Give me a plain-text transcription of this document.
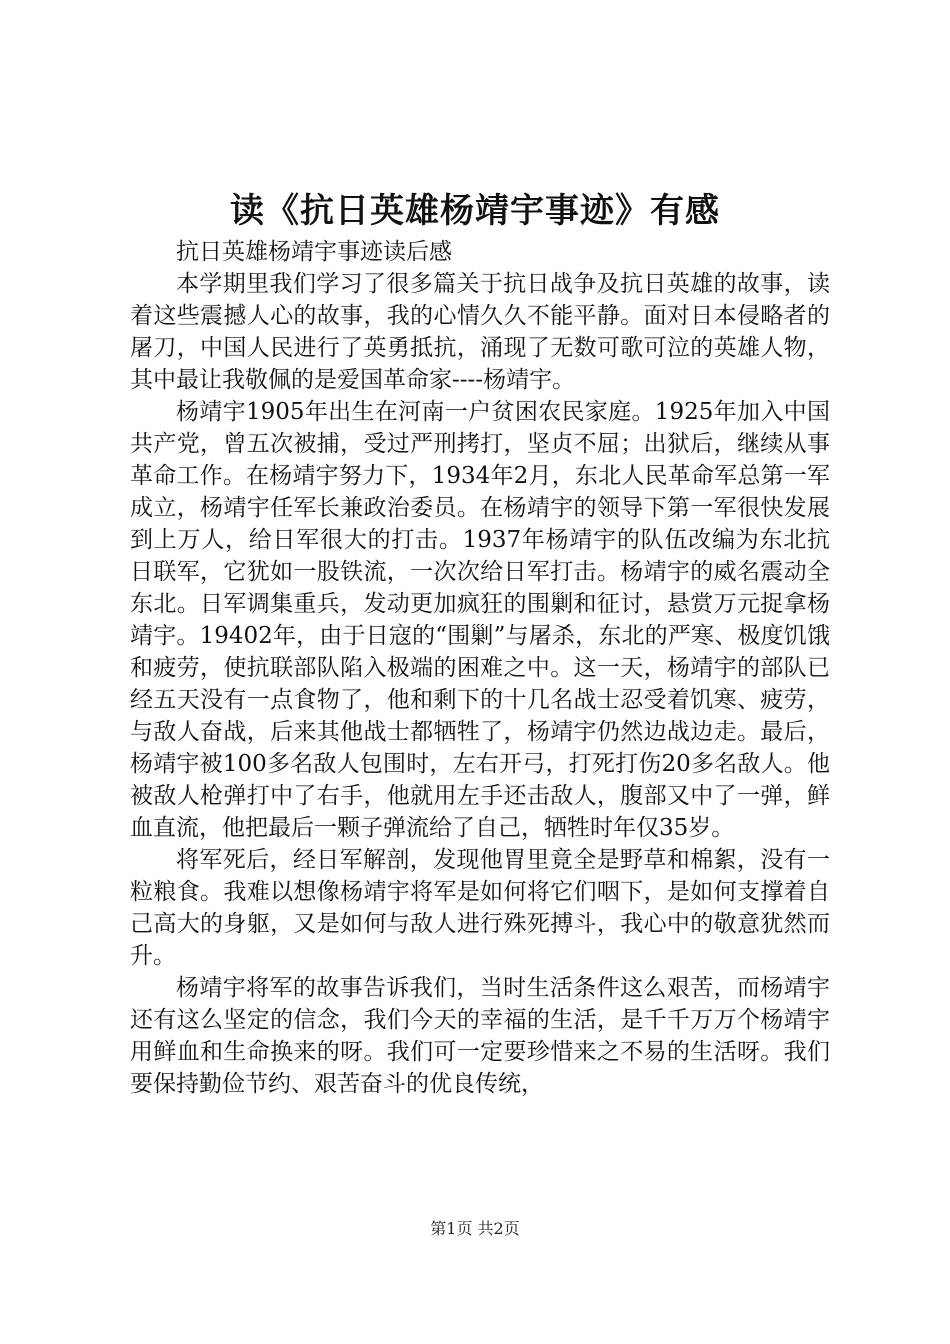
读《抗日英雄杨靖宇事迹》有感

抗日英雄杨靖宇事迹读后感

本学期里我们学习了很多篇关于抗日战争及抗日英雄的故事，读着这些震撼人心的故事，我的心情久久不能平静。面对日本侵略者的屠刀，中国人民进行了英勇抵抗，涌现了无数可歌可泣的英雄人物，其中最让我敬佩的是爱国革命家----杨靖宇。

杨靖宇1905年出生在河南一户贫困农民家庭。1925年加入中国共产党，曾五次被捕，受过严刑拷打，坚贞不屈；出狱后，继续从事革命工作。在杨靖宇努力下，1934年2月，东北人民革命军总第一军成立，杨靖宇任军长兼政治委员。在杨靖宇的领导下第一军很快发展到上万人，给日军很大的打击。1937年杨靖宇的队伍改编为东北抗日联军，它犹如一股铁流，一次次给日军打击。杨靖宇的威名震动全东北。日军调集重兵，发动更加疯狂的围剿和征讨，悬赏万元捉拿杨靖宇。19402年，由于日寇的“围剿”与屠杀，东北的严寒、极度饥饿和疲劳，使抗联部队陷入极端的困难之中。这一天，杨靖宇的部队已经五天没有一点食物了，他和剩下的十几名战士忍受着饥寒、疲劳，与敌人奋战，后来其他战士都牺牲了，杨靖宇仍然边战边走。最后，杨靖宇被100多名敌人包围时，左右开弓，打死打伤20多名敌人。他被敌人枪弹打中了右手，他就用左手还击敌人，腹部又中了一弹，鲜血直流，他把最后一颗子弹流给了自己，牺牲时年仅35岁。

将军死后，经日军解剖，发现他胃里竟全是野草和棉絮，没有一粒粮食。我难以想像杨靖宇将军是如何将它们咽下，是如何支撑着自己高大的身躯，又是如何与敌人进行殊死搏斗，我心中的敬意犹然而升。

杨靖宇将军的故事告诉我们，当时生活条件这么艰苦，而杨靖宇还有这么坚定的信念，我们今天的幸福的生活，是千千万万个杨靖宇用鲜血和生命换来的呀。我们可一定要珍惜来之不易的生活呀。我们要保持勤俭节约、艰苦奋斗的优良传统，

第1页 共2页
